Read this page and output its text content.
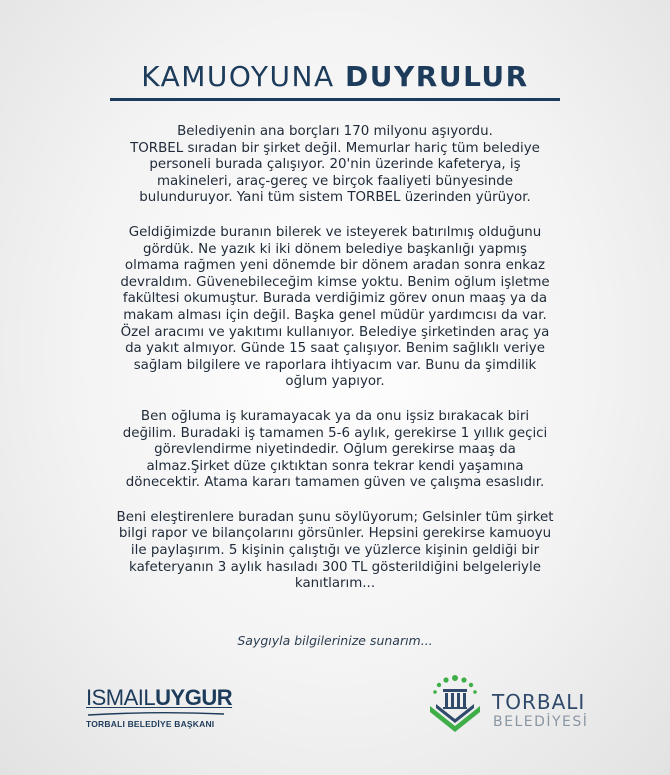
KAMUOYUNA DUYRULUR
Belediyenin ana borçları 170 milyonu aşıyordu.
TORBEL sıradan bir şirket değil. Memurlar hariç tüm belediye
personeli burada çalışıyor. 20'nin üzerinde kafeterya, iş
makineleri, araç-gereç ve birçok faaliyeti bünyesinde
bulunduruyor. Yani tüm sistem TORBEL üzerinden yürüyor.
Geldiğimizde buranın bilerek ve isteyerek batırılmış olduğunu
gördük. Ne yazık ki iki dönem belediye başkanlığı yapmış
olmama rağmen yeni dönemde bir dönem aradan sonra enkaz
devraldım. Güvenebileceğim kimse yoktu. Benim oğlum işletme
fakültesi okumuştur. Burada verdiğimiz görev onun maaş ya da
makam alması için değil. Başka genel müdür yardımcısı da var.
Özel aracımı ve yakıtımı kullanıyor. Belediye şirketinden araç ya
da yakıt almıyor. Günde 15 saat çalışıyor. Benim sağlıklı veriye
sağlam bilgilere ve raporlara ihtiyacım var. Bunu da şimdilik
oğlum yapıyor.
Ben oğluma iş kuramayacak ya da onu işsiz bırakacak biri
değilim. Buradaki iş tamamen 5-6 aylık, gerekirse 1 yıllık geçici
görevlendirme niyetindedir. Oğlum gerekirse maaş da
almaz.Şirket düze çıktıktan sonra tekrar kendi yaşamına
dönecektir. Atama kararı tamamen güven ve çalışma esaslıdır.
Beni eleştirenlere buradan şunu söylüyorum; Gelsinler tüm şirket
bilgi rapor ve bilançolarını görsünler. Hepsini gerekirse kamuoyu
ile paylaşırım. 5 kişinin çalıştığı ve yüzlerce kişinin geldiği bir
kafeteryanın 3 aylık hasıladı 300 TL gösterildiğini belgeleriyle
kanıtlarım...
Saygıyla bilgilerinize sunarım...
ISMAILUYGUR
TORBALI BELEDİYE BAŞKANI
TORBALI
BELEDİYESİ
